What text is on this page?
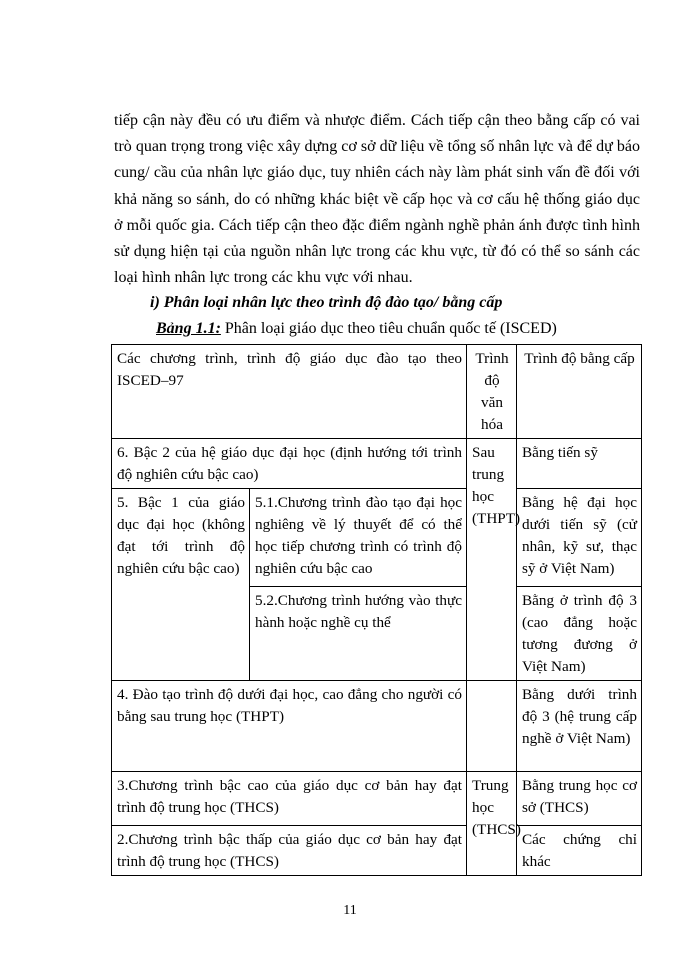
tiếp cận này đều có ưu điểm và nhược điểm. Cách tiếp cận theo bằng cấp có vai trò quan trọng trong việc xây dựng cơ sở dữ liệu về tổng số nhân lực và để dự báo cung/ cầu của nhân lực giáo dục, tuy nhiên cách này làm phát sinh vấn đề đối với khả năng so sánh, do có những khác biệt về cấp học và cơ cấu hệ thống giáo dục ở mỗi quốc gia. Cách tiếp cận theo đặc điểm ngành nghề phản ánh được tình hình sử dụng hiện tại của nguồn nhân lực trong các khu vực, từ đó có thể so sánh các loại hình nhân lực trong các khu vực với nhau.

i) Phân loại nhân lực theo trình độ đào tạo/ bằng cấp

Bảng 1.1: Phân loại giáo dục theo tiêu chuẩn quốc tế (ISCED)

Các chương trình, trình độ giáo dục đào tạo theo ISCED–97		Trình độ văn hóa	Trình độ bằng cấp
6. Bậc 2 của hệ giáo dục đại học (định hướng tới trình độ nghiên cứu bậc cao)		Sau trung học (THPT)	Bằng tiến sỹ
5. Bậc 1 của giáo dục đại học (không đạt tới trình độ nghiên cứu bậc cao)	5.1.Chương trình đào tạo đại học nghiêng về lý thuyết để có thể học tiếp chương trình có trình độ nghiên cứu bậc cao		Bằng hệ đại học dưới tiến sỹ (cử nhân, kỹ sư, thạc sỹ ở Việt Nam)
	5.2.Chương trình hướng vào thực hành hoặc nghề cụ thể		Bằng ở trình độ 3 (cao đẳng hoặc tương đương ở Việt Nam)
4. Đào tạo trình độ dưới đại học, cao đẳng cho người có bằng sau trung học (THPT)			Bằng dưới trình độ 3 (hệ trung cấp nghề ở Việt Nam)
3.Chương trình bậc cao của giáo dục cơ bản hay đạt trình độ trung học (THCS)		Trung học (THCS)	Bằng trung học cơ sở (THCS)
2.Chương trình bậc thấp của giáo dục cơ bản hay đạt trình độ trung học (THCS)			Các chứng chỉ khác

11
